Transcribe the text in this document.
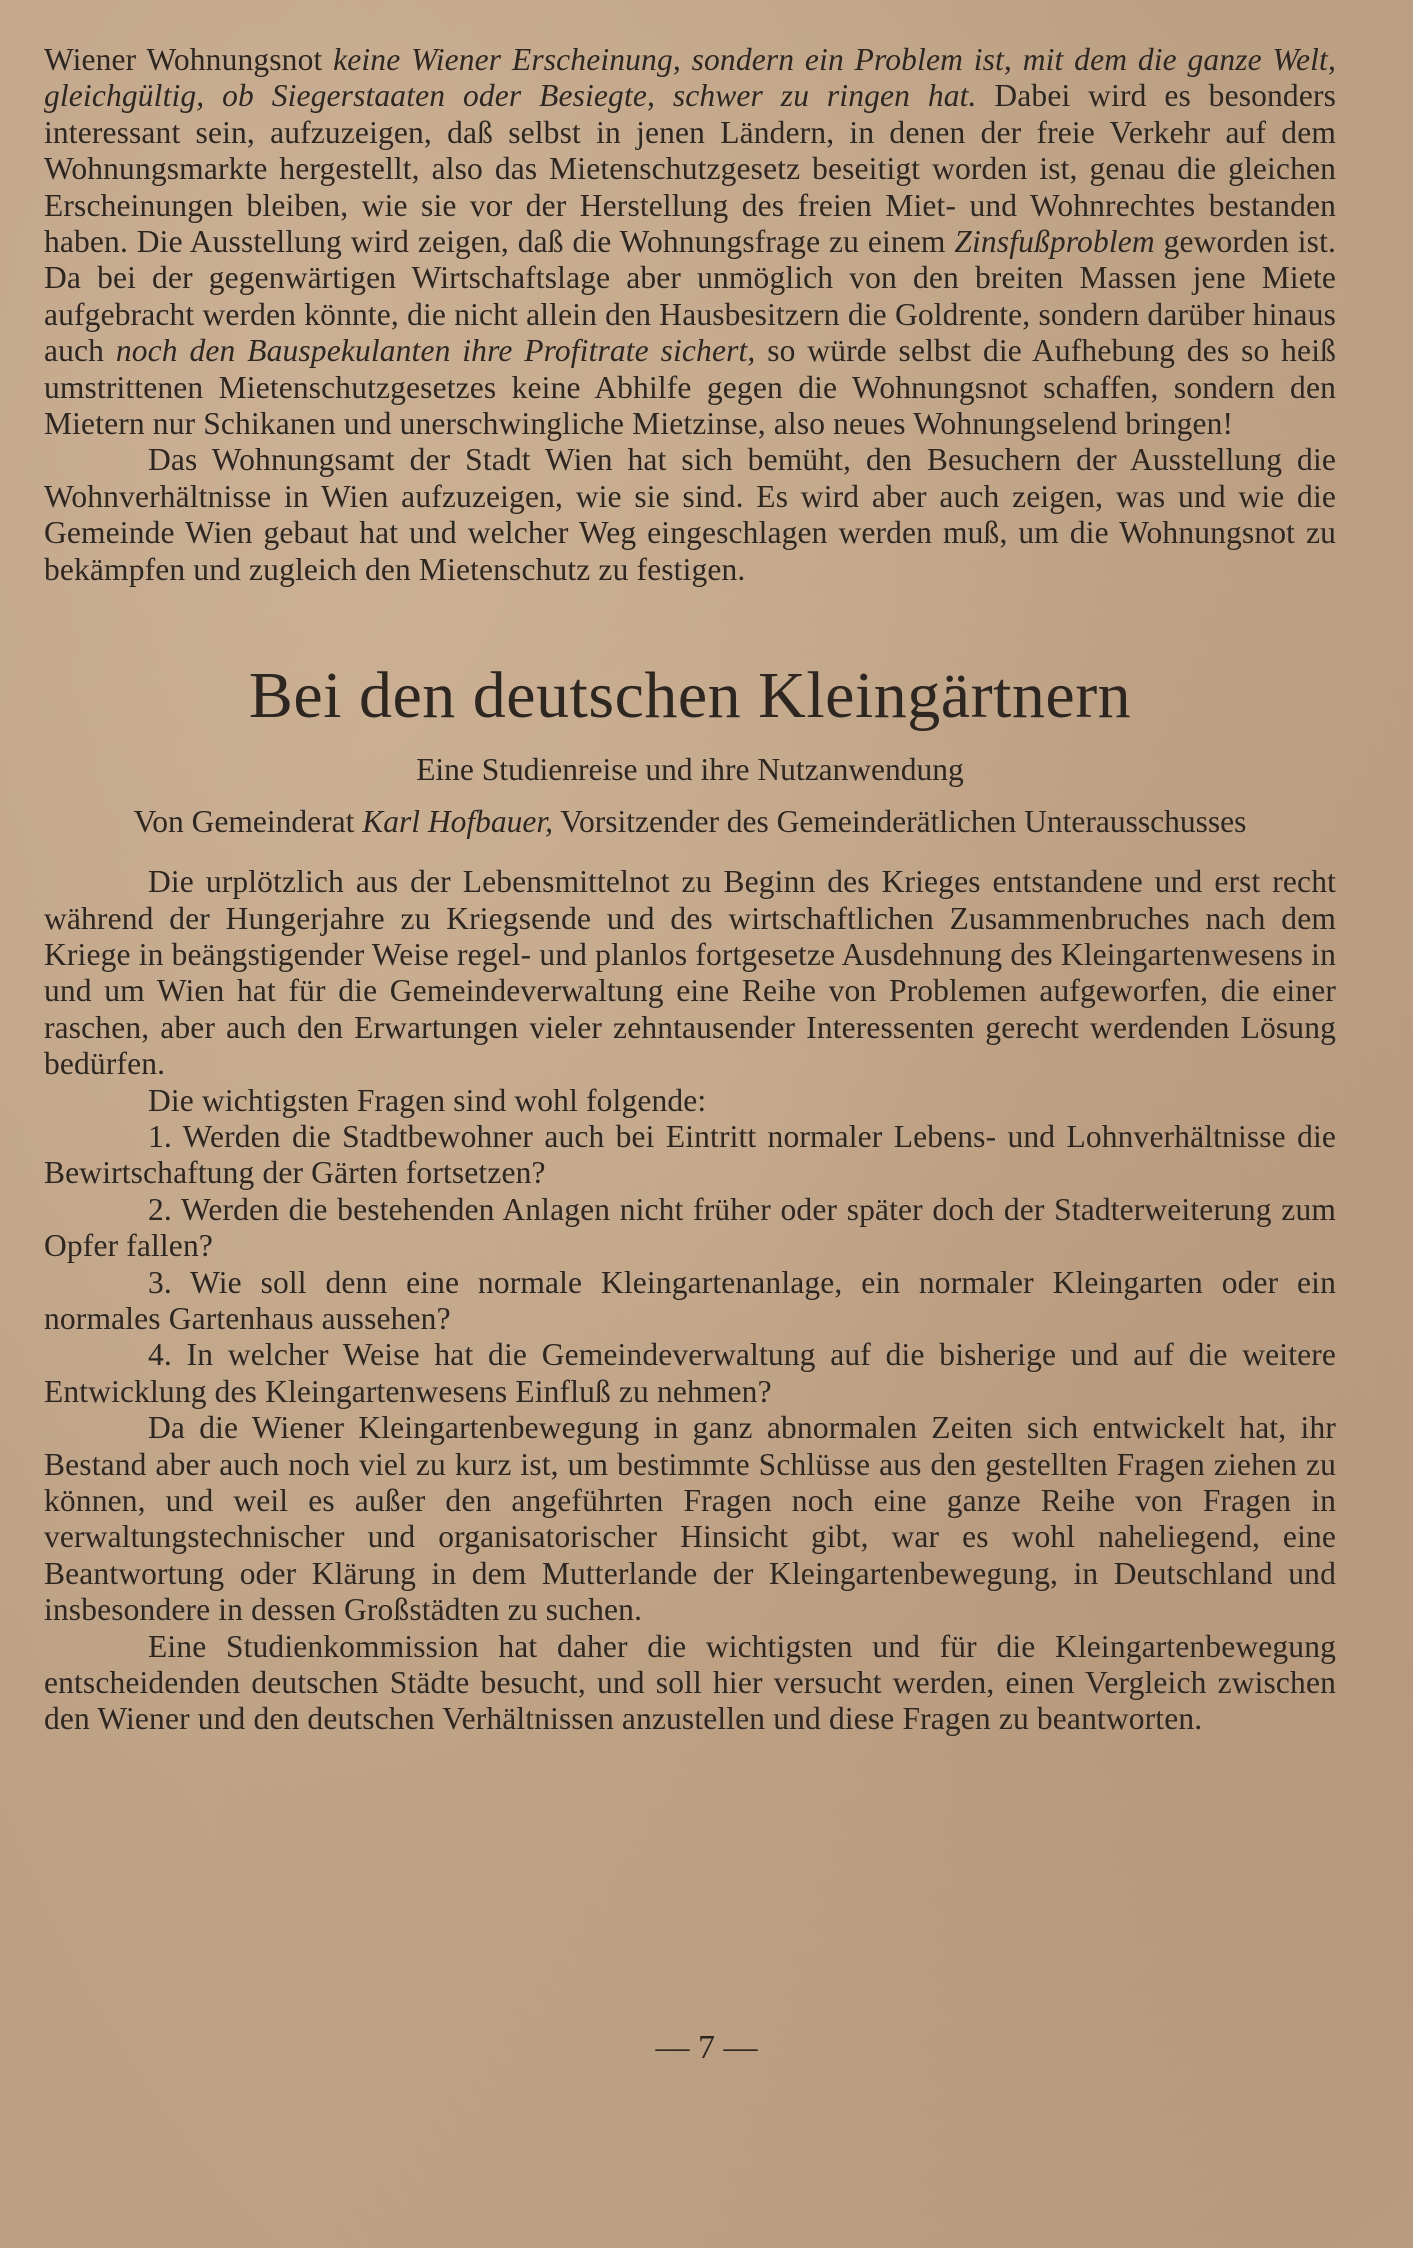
Wiener Wohnungsnot keine Wiener Erscheinung, sondern ein Problem ist, mit dem die ganze Welt, gleichgültig, ob Siegerstaaten oder Besiegte, schwer zu ringen hat. Dabei wird es besonders interessant sein, aufzuzeigen, daß selbst in jenen Ländern, in denen der freie Verkehr auf dem Wohnungsmarkte hergestellt, also das Mietenschutzgesetz beseitigt worden ist, genau die gleichen Erscheinungen bleiben, wie sie vor der Herstellung des freien Miet- und Wohnrechtes bestanden haben. Die Ausstellung wird zeigen, daß die Wohnungsfrage zu einem Zinsfußproblem geworden ist. Da bei der gegenwärtigen Wirtschaftslage aber unmöglich von den breiten Massen jene Miete aufgebracht werden könnte, die nicht allein den Hausbesitzern die Goldrente, sondern darüber hinaus auch noch den Bauspekulanten ihre Profitrate sichert, so würde selbst die Aufhebung des so heiß umstrittenen Mietenschutzgesetzes keine Abhilfe gegen die Wohnungsnot schaffen, sondern den Mietern nur Schikanen und unerschwingliche Mietzinse, also neues Wohnungselend bringen!

Das Wohnungsamt der Stadt Wien hat sich bemüht, den Besuchern der Ausstellung die Wohnverhältnisse in Wien aufzuzeigen, wie sie sind. Es wird aber auch zeigen, was und wie die Gemeinde Wien gebaut hat und welcher Weg eingeschlagen werden muß, um die Wohnungsnot zu bekämpfen und zugleich den Mietenschutz zu festigen.

Bei den deutschen Kleingärtnern

Eine Studienreise und ihre Nutzanwendung

Von Gemeinderat Karl Hofbauer, Vorsitzender des Gemeinderätlichen Unterausschusses

Die urplötzlich aus der Lebensmittelnot zu Beginn des Krieges entstandene und erst recht während der Hungerjahre zu Kriegsende und des wirtschaftlichen Zusammenbruches nach dem Kriege in beängstigender Weise regel- und planlos fortgesetze Ausdehnung des Kleingartenwesens in und um Wien hat für die Gemeindeverwaltung eine Reihe von Problemen aufgeworfen, die einer raschen, aber auch den Erwartungen vieler zehntausender Interessenten gerecht werdenden Lösung bedürfen.

Die wichtigsten Fragen sind wohl folgende:

1. Werden die Stadtbewohner auch bei Eintritt normaler Lebens- und Lohnverhältnisse die Bewirtschaftung der Gärten fortsetzen?

2. Werden die bestehenden Anlagen nicht früher oder später doch der Stadterweiterung zum Opfer fallen?

3. Wie soll denn eine normale Kleingartenanlage, ein normaler Kleingarten oder ein normales Gartenhaus aussehen?

4. In welcher Weise hat die Gemeindeverwaltung auf die bisherige und auf die weitere Entwicklung des Kleingartenwesens Einfluß zu nehmen?

Da die Wiener Kleingartenbewegung in ganz abnormalen Zeiten sich entwickelt hat, ihr Bestand aber auch noch viel zu kurz ist, um bestimmte Schlüsse aus den gestellten Fragen ziehen zu können, und weil es außer den angeführten Fragen noch eine ganze Reihe von Fragen in verwaltungstechnischer und organisatorischer Hinsicht gibt, war es wohl naheliegend, eine Beantwortung oder Klärung in dem Mutterlande der Kleingartenbewegung, in Deutschland und insbesondere in dessen Großstädten zu suchen.

Eine Studienkommission hat daher die wichtigsten und für die Kleingartenbewegung entscheidenden deutschen Städte besucht, und soll hier versucht werden, einen Vergleich zwischen den Wiener und den deutschen Verhältnissen anzustellen und diese Fragen zu beantworten.

— 7 —
